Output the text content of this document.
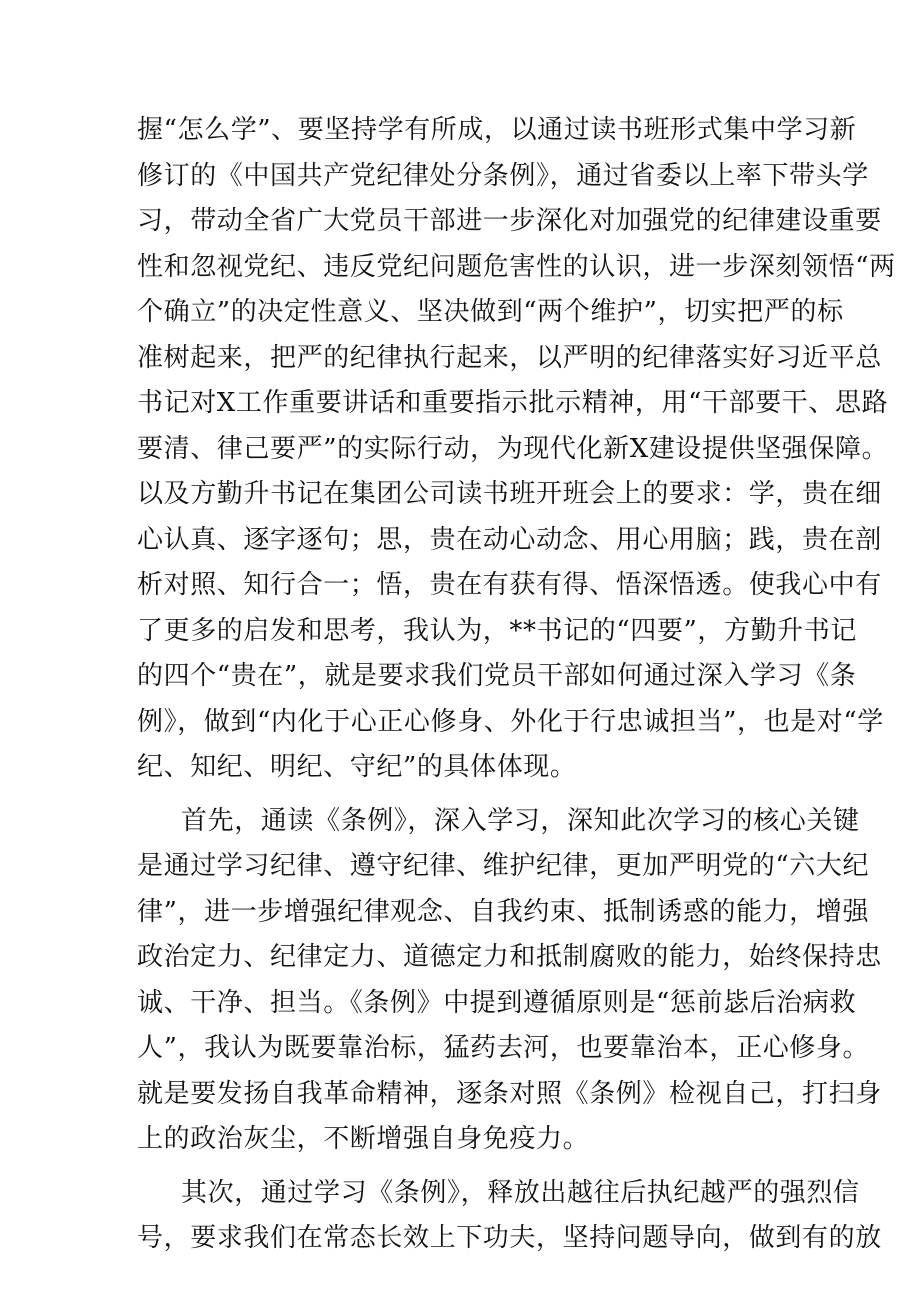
握“怎么学”、要坚持学有所成，以通过读书班形式集中学习新
修订的《中国共产党纪律处分条例》，通过省委以上率下带头学
习，带动全省广大党员干部进一步深化对加强党的纪律建设重要
性和忽视党纪、违反党纪问题危害性的认识，进一步深刻领悟“两
个确立”的决定性意义、坚决做到“两个维护”，切实把严的标
准树起来，把严的纪律执行起来，以严明的纪律落实好习近平总
书记对X工作重要讲话和重要指示批示精神，用“干部要干、思路
要清、律己要严”的实际行动，为现代化新X建设提供坚强保障。
以及方勤升书记在集团公司读书班开班会上的要求：学，贵在细
心认真、逐字逐句；思，贵在动心动念、用心用脑；践，贵在剖
析对照、知行合一；悟，贵在有获有得、悟深悟透。使我心中有
了更多的启发和思考，我认为，**书记的“四要”，方勤升书记
的四个“贵在”，就是要求我们党员干部如何通过深入学习《条
例》，做到“内化于心正心修身、外化于行忠诚担当”，也是对“学
纪、知纪、明纪、守纪”的具体体现。
首先，通读《条例》，深入学习，深知此次学习的核心关键
是通过学习纪律、遵守纪律、维护纪律，更加严明党的“六大纪
律”，进一步增强纪律观念、自我约束、抵制诱惑的能力，增强
政治定力、纪律定力、道德定力和抵制腐败的能力，始终保持忠
诚、干净、担当。《条例》中提到遵循原则是“惩前毖后治病救
人”，我认为既要靠治标，猛药去河，也要靠治本，正心修身。
就是要发扬自我革命精神，逐条对照《条例》检视自己，打扫身
上的政治灰尘，不断增强自身免疫力。
其次，通过学习《条例》，释放出越往后执纪越严的强烈信
号，要求我们在常态长效上下功夫，坚持问题导向，做到有的放
